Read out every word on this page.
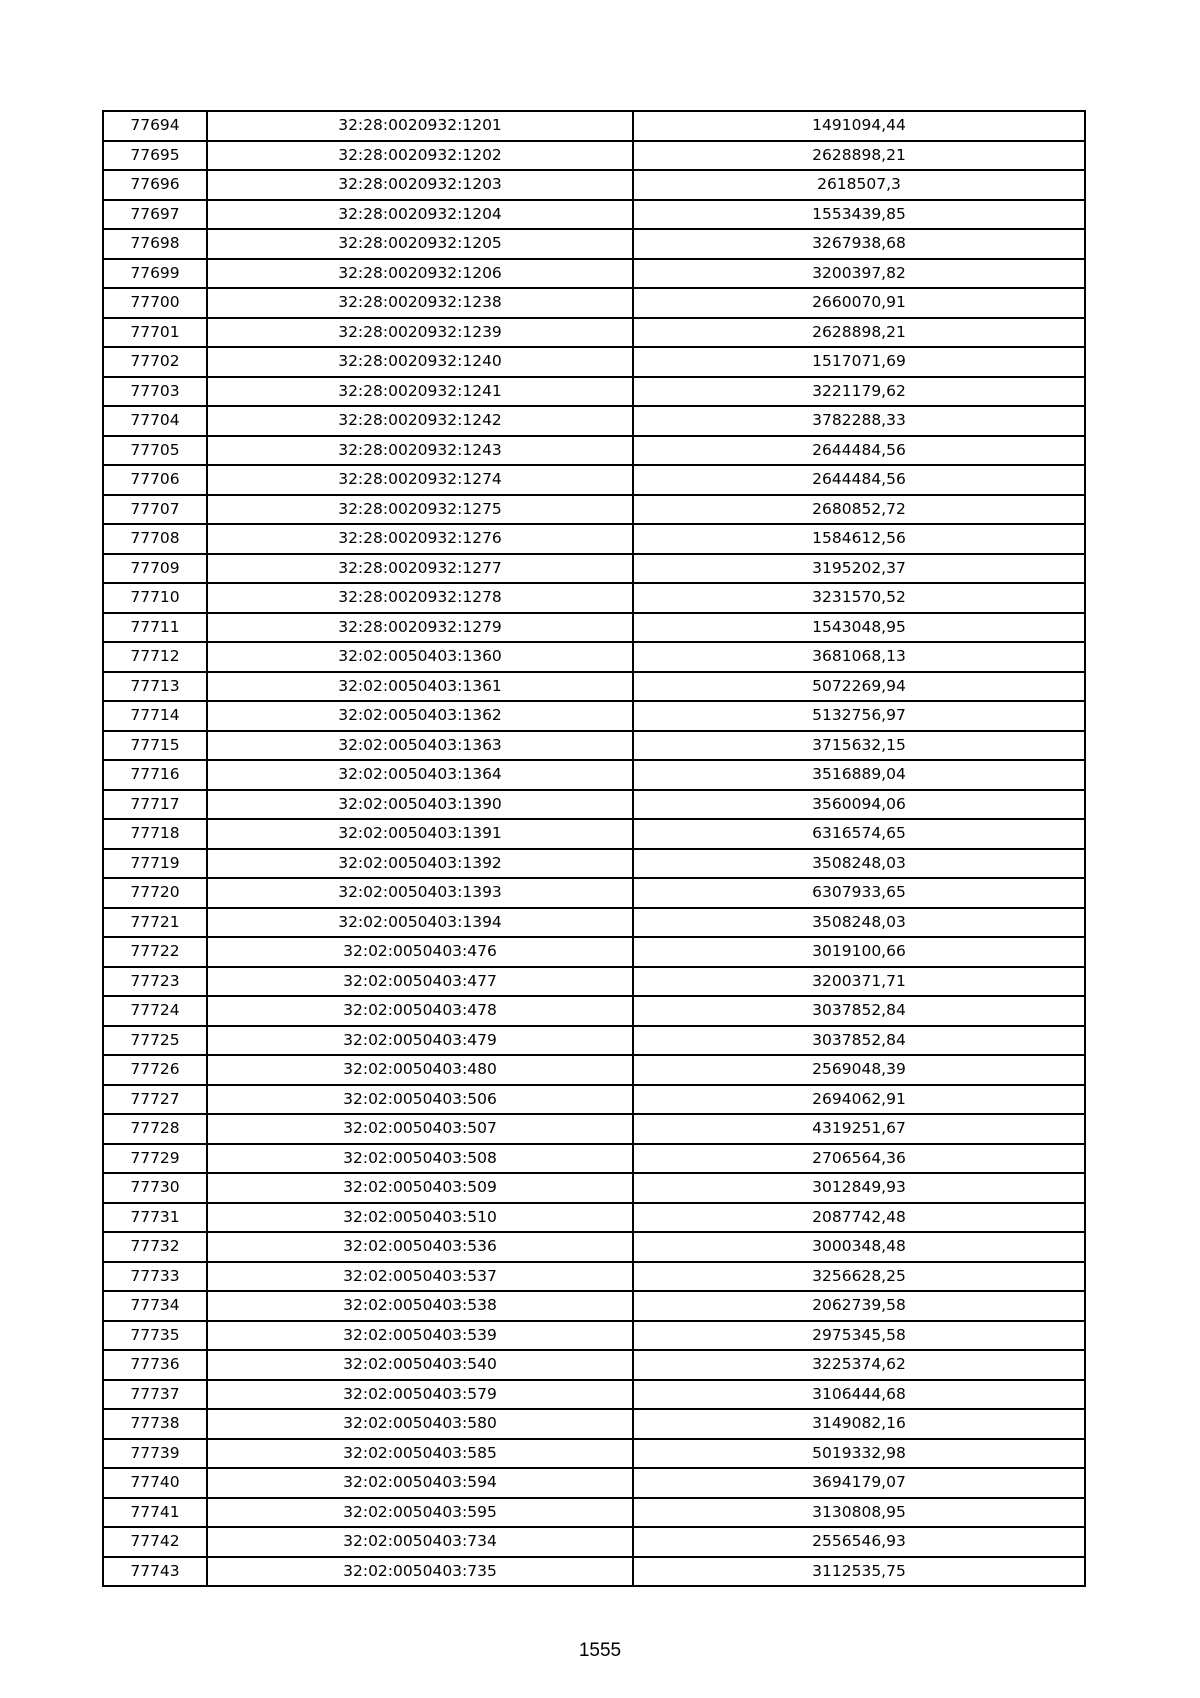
77694	32:28:0020932:1201	1491094,44
77695	32:28:0020932:1202	2628898,21
77696	32:28:0020932:1203	2618507,3
77697	32:28:0020932:1204	1553439,85
77698	32:28:0020932:1205	3267938,68
77699	32:28:0020932:1206	3200397,82
77700	32:28:0020932:1238	2660070,91
77701	32:28:0020932:1239	2628898,21
77702	32:28:0020932:1240	1517071,69
77703	32:28:0020932:1241	3221179,62
77704	32:28:0020932:1242	3782288,33
77705	32:28:0020932:1243	2644484,56
77706	32:28:0020932:1274	2644484,56
77707	32:28:0020932:1275	2680852,72
77708	32:28:0020932:1276	1584612,56
77709	32:28:0020932:1277	3195202,37
77710	32:28:0020932:1278	3231570,52
77711	32:28:0020932:1279	1543048,95
77712	32:02:0050403:1360	3681068,13
77713	32:02:0050403:1361	5072269,94
77714	32:02:0050403:1362	5132756,97
77715	32:02:0050403:1363	3715632,15
77716	32:02:0050403:1364	3516889,04
77717	32:02:0050403:1390	3560094,06
77718	32:02:0050403:1391	6316574,65
77719	32:02:0050403:1392	3508248,03
77720	32:02:0050403:1393	6307933,65
77721	32:02:0050403:1394	3508248,03
77722	32:02:0050403:476	3019100,66
77723	32:02:0050403:477	3200371,71
77724	32:02:0050403:478	3037852,84
77725	32:02:0050403:479	3037852,84
77726	32:02:0050403:480	2569048,39
77727	32:02:0050403:506	2694062,91
77728	32:02:0050403:507	4319251,67
77729	32:02:0050403:508	2706564,36
77730	32:02:0050403:509	3012849,93
77731	32:02:0050403:510	2087742,48
77732	32:02:0050403:536	3000348,48
77733	32:02:0050403:537	3256628,25
77734	32:02:0050403:538	2062739,58
77735	32:02:0050403:539	2975345,58
77736	32:02:0050403:540	3225374,62
77737	32:02:0050403:579	3106444,68
77738	32:02:0050403:580	3149082,16
77739	32:02:0050403:585	5019332,98
77740	32:02:0050403:594	3694179,07
77741	32:02:0050403:595	3130808,95
77742	32:02:0050403:734	2556546,93
77743	32:02:0050403:735	3112535,75
1555
